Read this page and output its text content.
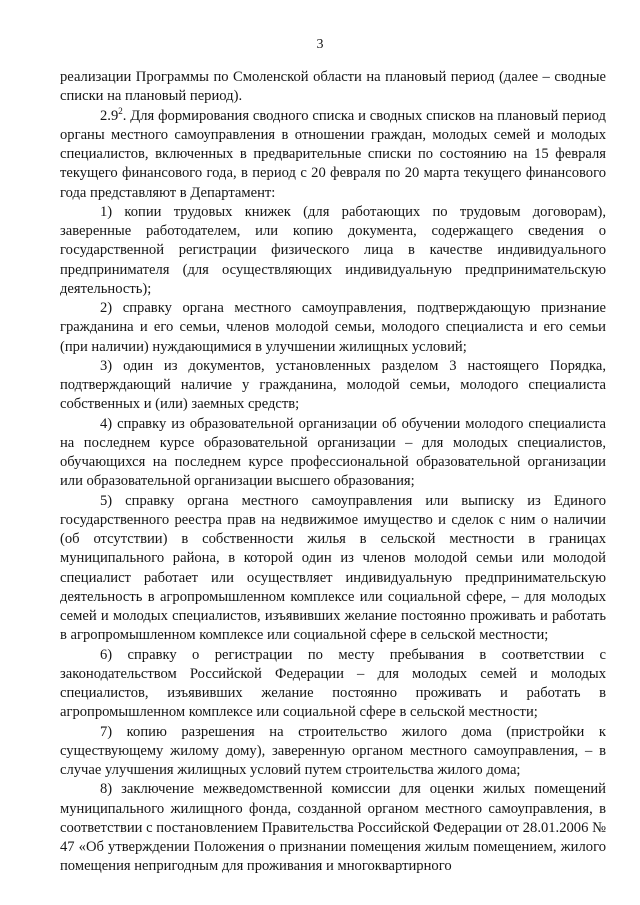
3

реализации Программы по Смоленской области на плановый период (далее – сводные списки на плановый период).

$2.9^2$. Для формирования сводного списка и сводных списков на плановый период органы местного самоуправления в отношении граждан, молодых семей и молодых специалистов, включенных в предварительные списки по состоянию на 15 февраля текущего финансового года, в период с 20 февраля по 20 марта текущего финансового года представляют в Департамент:

1) копии трудовых книжек (для работающих по трудовым договорам), заверенные работодателем, или копию документа, содержащего сведения о государственной регистрации физического лица в качестве индивидуального предпринимателя (для осуществляющих индивидуальную предпринимательскую деятельность);

2) справку органа местного самоуправления, подтверждающую признание гражданина и его семьи, членов молодой семьи, молодого специалиста и его семьи (при наличии) нуждающимися в улучшении жилищных условий;

3) один из документов, установленных разделом 3 настоящего Порядка, подтверждающий наличие у гражданина, молодой семьи, молодого специалиста собственных и (или) заемных средств;

4) справку из образовательной организации об обучении молодого специалиста на последнем курсе образовательной организации – для молодых специалистов, обучающихся на последнем курсе профессиональной образовательной организации или образовательной организации высшего образования;

5) справку органа местного самоуправления или выписку из Единого государственного реестра прав на недвижимое имущество и сделок с ним о наличии (об отсутствии) в собственности жилья в сельской местности в границах муниципального района, в которой один из членов молодой семьи или молодой специалист работает или осуществляет индивидуальную предпринимательскую деятельность в агропромышленном комплексе или социальной сфере, – для молодых семей и молодых специалистов, изъявивших желание постоянно проживать и работать в агропромышленном комплексе или социальной сфере в сельской местности;

6) справку о регистрации по месту пребывания в соответствии с законодательством Российской Федерации – для молодых семей и молодых специалистов, изъявивших желание постоянно проживать и работать в агропромышленном комплексе или социальной сфере в сельской местности;

7) копию разрешения на строительство жилого дома (пристройки к существующему жилому дому), заверенную органом местного самоуправления, – в случае улучшения жилищных условий путем строительства жилого дома;

8) заключение межведомственной комиссии для оценки жилых помещений муниципального жилищного фонда, созданной органом местного самоуправления, в соответствии с постановлением Правительства Российской Федерации от 28.01.2006 № 47 «Об утверждении Положения о признании помещения жилым помещением, жилого помещения непригодным для проживания и многоквартирного
